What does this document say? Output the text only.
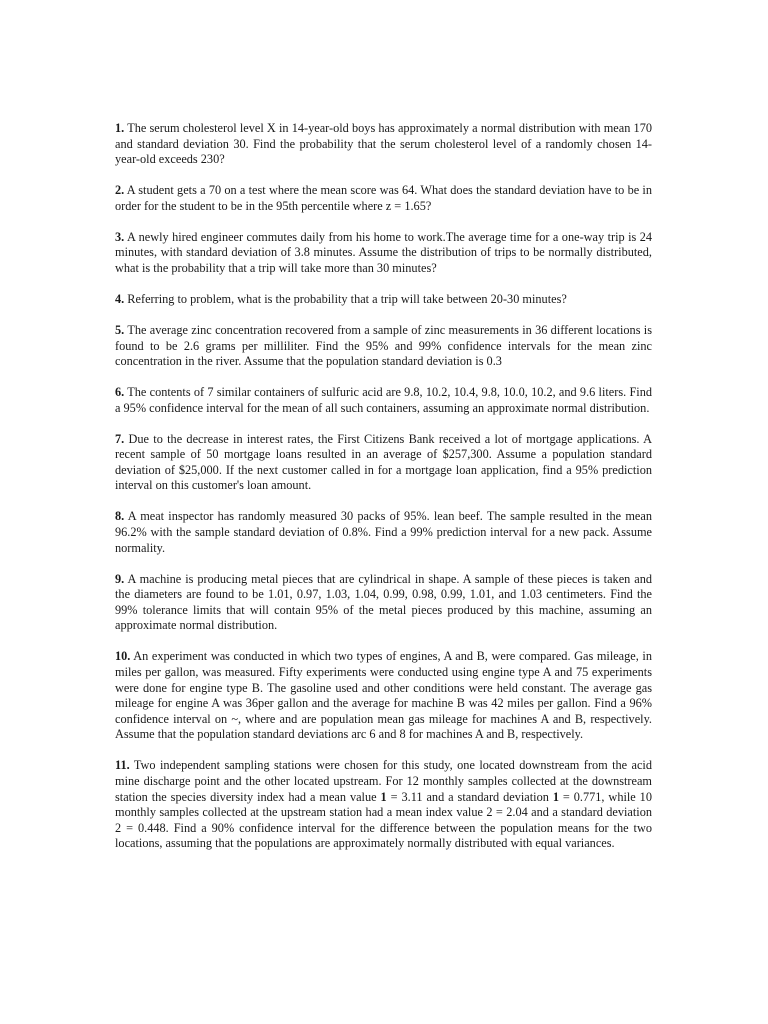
1. The serum cholesterol level X in 14-year-old boys has approximately a normal distribution with mean 170 and standard deviation 30. Find the probability that the serum cholesterol level of a randomly chosen 14-year-old exceeds 230?

2. A student gets a 70 on a test where the mean score was 64. What does the standard deviation have to be in order for the student to be in the 95th percentile where z = 1.65?

3. A newly hired engineer commutes daily from his home to work.The average time for a one-way trip is 24 minutes, with standard deviation of 3.8 minutes. Assume the distribution of trips to be normally distributed, what is the probability that a trip will take more than 30 minutes?

4. Referring to problem, what is the probability that a trip will take between 20-30 minutes?

5. The average zinc concentration recovered from a sample of zinc measurements in 36 different locations is found to be 2.6 grams per milliliter. Find the 95% and 99% confidence intervals for the mean zinc concentration in the river. Assume that the population standard deviation is 0.3

6. The contents of 7 similar containers of sulfuric acid are 9.8, 10.2, 10.4, 9.8, 10.0, 10.2, and 9.6 liters. Find a 95% confidence interval for the mean of all such containers, assuming an approximate normal distribution.

7. Due to the decrease in interest rates, the First Citizens Bank received a lot of mortgage applications. A recent sample of 50 mortgage loans resulted in an average of $257,300. Assume a population standard deviation of $25,000. If the next customer called in for a mortgage loan application, find a 95% prediction interval on this customer's loan amount.

8. A meat inspector has randomly measured 30 packs of 95%. lean beef. The sample resulted in the mean 96.2% with the sample standard deviation of 0.8%. Find a 99% prediction interval for a new pack. Assume normality.

9. A machine is producing metal pieces that are cylindrical in shape. A sample of these pieces is taken and the diameters are found to be 1.01, 0.97, 1.03, 1.04, 0.99, 0.98, 0.99, 1.01, and 1.03 centimeters. Find the 99% tolerance limits that will contain 95% of the metal pieces produced by this machine, assuming an approximate normal distribution.

10. An experiment was conducted in which two types of engines, A and B, were compared. Gas mileage, in miles per gallon, was measured. Fifty experiments were conducted using engine type A and 75 experiments were done for engine type B. The gasoline used and other conditions were held constant. The average gas mileage for engine A was 36per gallon and the average for machine B was 42 miles per gallon. Find a 96% confidence interval on ~, where and are population mean gas mileage for machines A and B, respectively. Assume that the population standard deviations arc 6 and 8 for machines A and B, respectively.

11. Two independent sampling stations were chosen for this study, one located downstream from the acid mine discharge point and the other located upstream. For 12 monthly samples collected at the downstream station the species diversity index had a mean value 1 = 3.11 and a standard deviation 1 = 0.771, while 10 monthly samples collected at the upstream station had a mean index value 2 = 2.04 and a standard deviation 2 = 0.448. Find a 90% confidence interval for the difference between the population means for the two locations, assuming that the populations are approximately normally distributed with equal variances.
